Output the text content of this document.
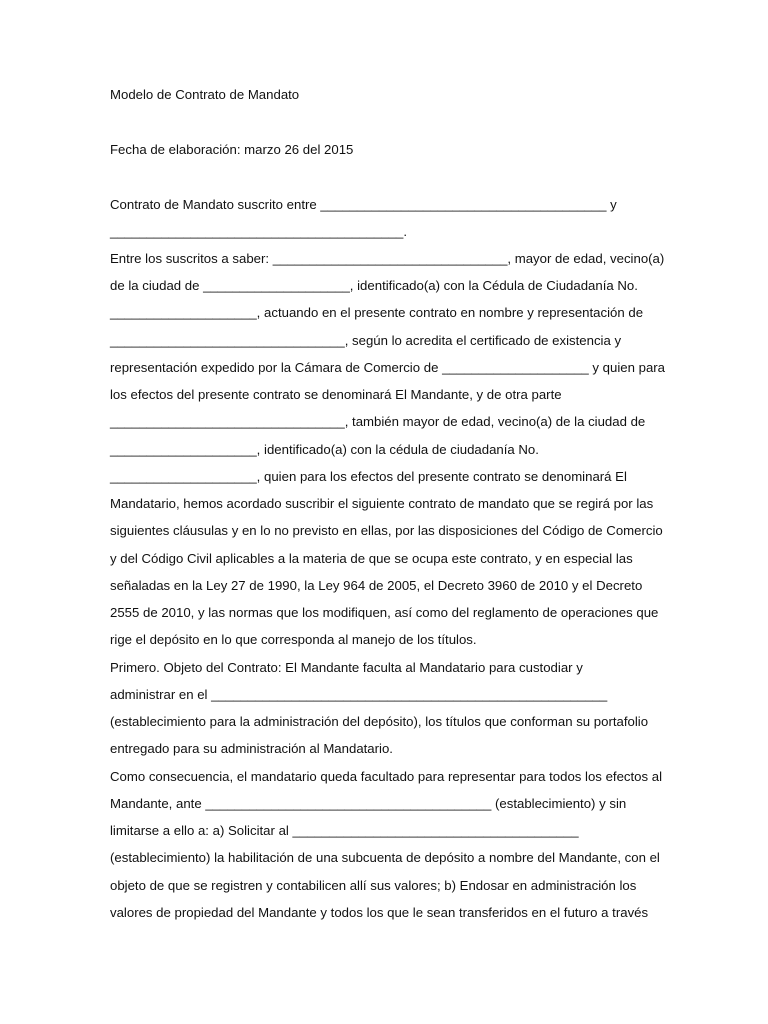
Modelo de Contrato de Mandato
Fecha de elaboración: marzo 26 del 2015
Contrato de Mandato suscrito entre _______________________________________ y
________________________________________.
Entre los suscritos a saber: ________________________________, mayor de edad, vecino(a)
de la ciudad de ____________________, identificado(a) con la Cédula de Ciudadanía No.
____________________, actuando en el presente contrato en nombre y representación de
________________________________, según lo acredita el certificado de existencia y
representación expedido por la Cámara de Comercio de ____________________ y quien para
los efectos del presente contrato se denominará El Mandante, y de otra parte
________________________________, también mayor de edad, vecino(a) de la ciudad de
____________________, identificado(a) con la cédula de ciudadanía No.
____________________, quien para los efectos del presente contrato se denominará El
Mandatario, hemos acordado suscribir el siguiente contrato de mandato que se regirá por las
siguientes cláusulas y en lo no previsto en ellas, por las disposiciones del Código de Comercio
y del Código Civil aplicables a la materia de que se ocupa este contrato, y en especial las
señaladas en la Ley 27 de 1990, la Ley 964 de 2005, el Decreto 3960 de 2010 y el Decreto
2555 de 2010, y las normas que los modifiquen, así como del reglamento de operaciones que
rige el depósito en lo que corresponda al manejo de los títulos.
Primero. Objeto del Contrato: El Mandante faculta al Mandatario para custodiar y
administrar en el ______________________________________________________
(establecimiento para la administración del depósito), los títulos que conforman su portafolio
entregado para su administración al Mandatario.
Como consecuencia, el mandatario queda facultado para representar para todos los efectos al
Mandante, ante _______________________________________ (establecimiento) y sin
limitarse a ello a: a) Solicitar al _______________________________________
(establecimiento) la habilitación de una subcuenta de depósito a nombre del Mandante, con el
objeto de que se registren y contabilicen allí sus valores; b) Endosar en administración los
valores de propiedad del Mandante y todos los que le sean transferidos en el futuro a través
